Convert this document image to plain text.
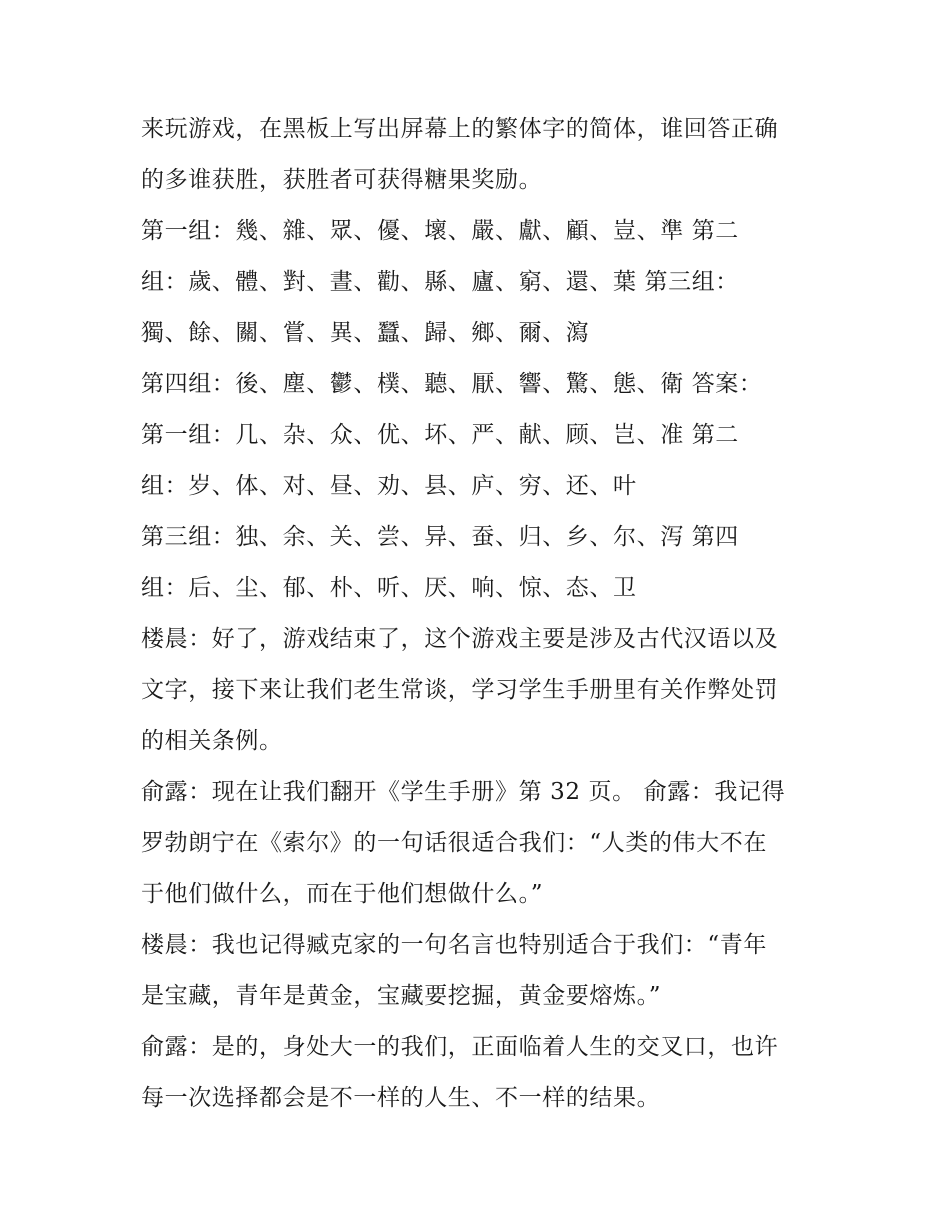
来玩游戏，在黑板上写出屏幕上的繁体字的简体，谁回答正确
的多谁获胜，获胜者可获得糖果奖励。
第一组：幾、雜、眾、優、壞、嚴、獻、顧、豈、準 第二
组：歲、體、對、晝、勸、縣、廬、窮、還、葉 第三组：
獨、餘、關、嘗、異、蠶、歸、鄉、爾、瀉
第四组：後、塵、鬱、樸、聽、厭、響、驚、態、衛 答案：
第一组：几、杂、众、优、坏、严、献、顾、岂、准 第二
组：岁、体、对、昼、劝、县、庐、穷、还、叶
第三组：独、余、关、尝、异、蚕、归、乡、尔、泻 第四
组：后、尘、郁、朴、听、厌、响、惊、态、卫
楼晨：好了，游戏结束了，这个游戏主要是涉及古代汉语以及
文字，接下来让我们老生常谈，学习学生手册里有关作弊处罚
的相关条例。
俞露：现在让我们翻开《学生手册》第 32 页。 俞露：我记得
罗勃朗宁在《索尔》的一句话很适合我们：“人类的伟大不在
于他们做什么，而在于他们想做什么。”
楼晨：我也记得臧克家的一句名言也特别适合于我们：“青年
是宝藏，青年是黄金，宝藏要挖掘，黄金要熔炼。”
俞露：是的，身处大一的我们，正面临着人生的交叉口，也许
每一次选择都会是不一样的人生、不一样的结果。
